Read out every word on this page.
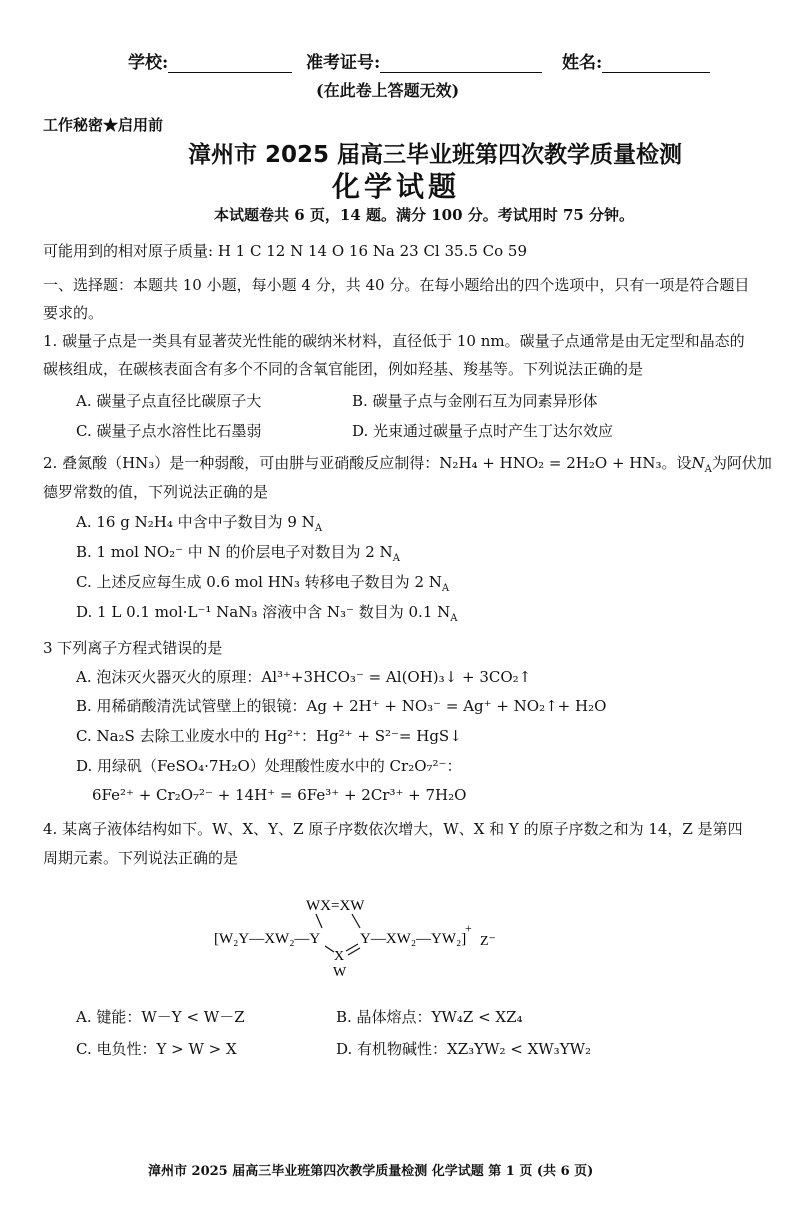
学校:	准考证号:	姓名:
(在此卷上答题无效)
工作秘密★启用前
漳州市 2025 届高三毕业班第四次教学质量检测
化学试题
本试题卷共 6 页，14 题。满分 100 分。考试用时 75 分钟。
可能用到的相对原子质量: H 1 C 12 N 14 O 16 Na 23 Cl 35.5 Co 59
一、选择题：本题共 10 小题，每小题 4 分，共 40 分。在每小题给出的四个选项中，只有一项是符合题目
要求的。
1. 碳量子点是一类具有显著荧光性能的碳纳米材料，直径低于 10 nm。碳量子点通常是由无定型和晶态的
碳核组成，在碳核表面含有多个不同的含氧官能团，例如羟基、羧基等。下列说法正确的是
A. 碳量子点直径比碳原子大	B. 碳量子点与金刚石互为同素异形体
C. 碳量子点水溶性比石墨弱	D. 光束通过碳量子点时产生丁达尔效应
2. 叠氮酸（HN₃）是一种弱酸，可由肼与亚硝酸反应制得：N₂H₄ + HNO₂ = 2H₂O + HN₃。设$N_A$为阿伏加
德罗常数的值，下列说法正确的是
A. 16 g N₂H₄ 中含中子数目为 9 $N_A$
B. 1 mol NO₂⁻ 中 N 的价层电子对数目为 2 $N_A$
C. 上述反应每生成 0.6 mol HN₃ 转移电子数目为 2 $N_A$
D. 1 L 0.1 mol·L⁻¹ NaN₃ 溶液中含 N₃⁻ 数目为 0.1 $N_A$
3 下列离子方程式错误的是
A. 泡沫灭火器灭火的原理：Al³⁺+3HCO₃⁻ = Al(OH)₃↓ + 3CO₂↑
B. 用稀硝酸清洗试管壁上的银镜：Ag + 2H⁺ + NO₃⁻ = Ag⁺ + NO₂↑+ H₂O
C. Na₂S 去除工业废水中的 Hg²⁺：Hg²⁺ + S²⁻= HgS↓
D. 用绿矾（FeSO₄·7H₂O）处理酸性废水中的 Cr₂O₇²⁻：
6Fe²⁺ + Cr₂O₇²⁻ + 14H⁺ = 6Fe³⁺ + 2Cr³⁺ + 7H₂O
4. 某离子液体结构如下。W、X、Y、Z 原子序数依次增大，W、X 和 Y 的原子序数之和为 14，Z 是第四
周期元素。下列说法正确的是
WX=XW
[W₂Y—XW₂—Y	Y—XW₂—YW₂]
+
Z⁻
X
W
A. 键能：W－Y < W－Z	B. 晶体熔点：YW₄Z < XZ₄
C. 电负性：Y > W > X	D. 有机物碱性：XZ₃YW₂ < XW₃YW₂
漳州市 2025 届高三毕业班第四次教学质量检测 化学试题 第 1 页 (共 6 页)
